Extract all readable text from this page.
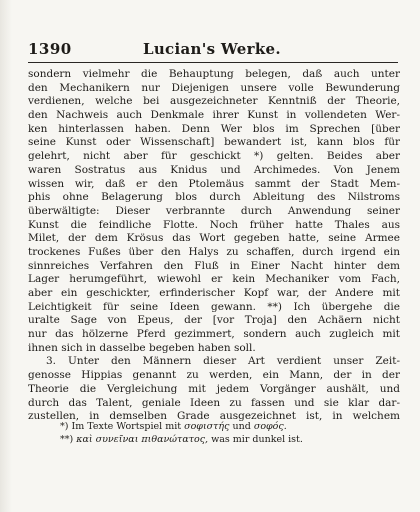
1390	Lucian's Werke.
sondern vielmehr die Behauptung belegen, daß auch unter
den Mechanikern nur Diejenigen unsere volle Bewunderung
verdienen, welche bei ausgezeichneter Kenntniß der Theorie,
den Nachweis auch Denkmale ihrer Kunst in vollendeten Wer-
ken hinterlassen haben. Denn Wer blos im Sprechen [über
seine Kunst oder Wissenschaft] bewandert ist, kann blos für
gelehrt, nicht aber für geschickt *) gelten. Beides aber
waren Sostratus aus Knidus und Archimedes. Von Jenem
wissen wir, daß er den Ptolemäus sammt der Stadt Mem-
phis ohne Belagerung blos durch Ableitung des Nilstroms
überwältigte: Dieser verbrannte durch Anwendung seiner
Kunst die feindliche Flotte. Noch früher hatte Thales aus
Milet, der dem Krösus das Wort gegeben hatte, seine Armee
trockenes Fußes über den Halys zu schaffen, durch irgend ein
sinnreiches Verfahren den Fluß in Einer Nacht hinter dem
Lager herumgeführt, wiewohl er kein Mechaniker vom Fach,
aber ein geschickter, erfinderischer Kopf war, der Andere mit
Leichtigkeit für seine Ideen gewann. **) Ich übergehe die
uralte Sage von Epeus, der [vor Troja] den Achäern nicht
nur das hölzerne Pferd gezimmert, sondern auch zugleich mit
ihnen sich in dasselbe begeben haben soll.
3. Unter den Männern dieser Art verdient unser Zeit-
genosse Hippias genannt zu werden, ein Mann, der in der
Theorie die Vergleichung mit jedem Vorgänger aushält, und
durch das Talent, geniale Ideen zu fassen und sie klar dar-
zustellen, in demselben Grade ausgezeichnet ist, in welchem
*) Im Texte Wortspiel mit σοφιστής und σοφός.
**) καὶ συνεῖναι πιθανώτατος, was mir dunkel ist.
